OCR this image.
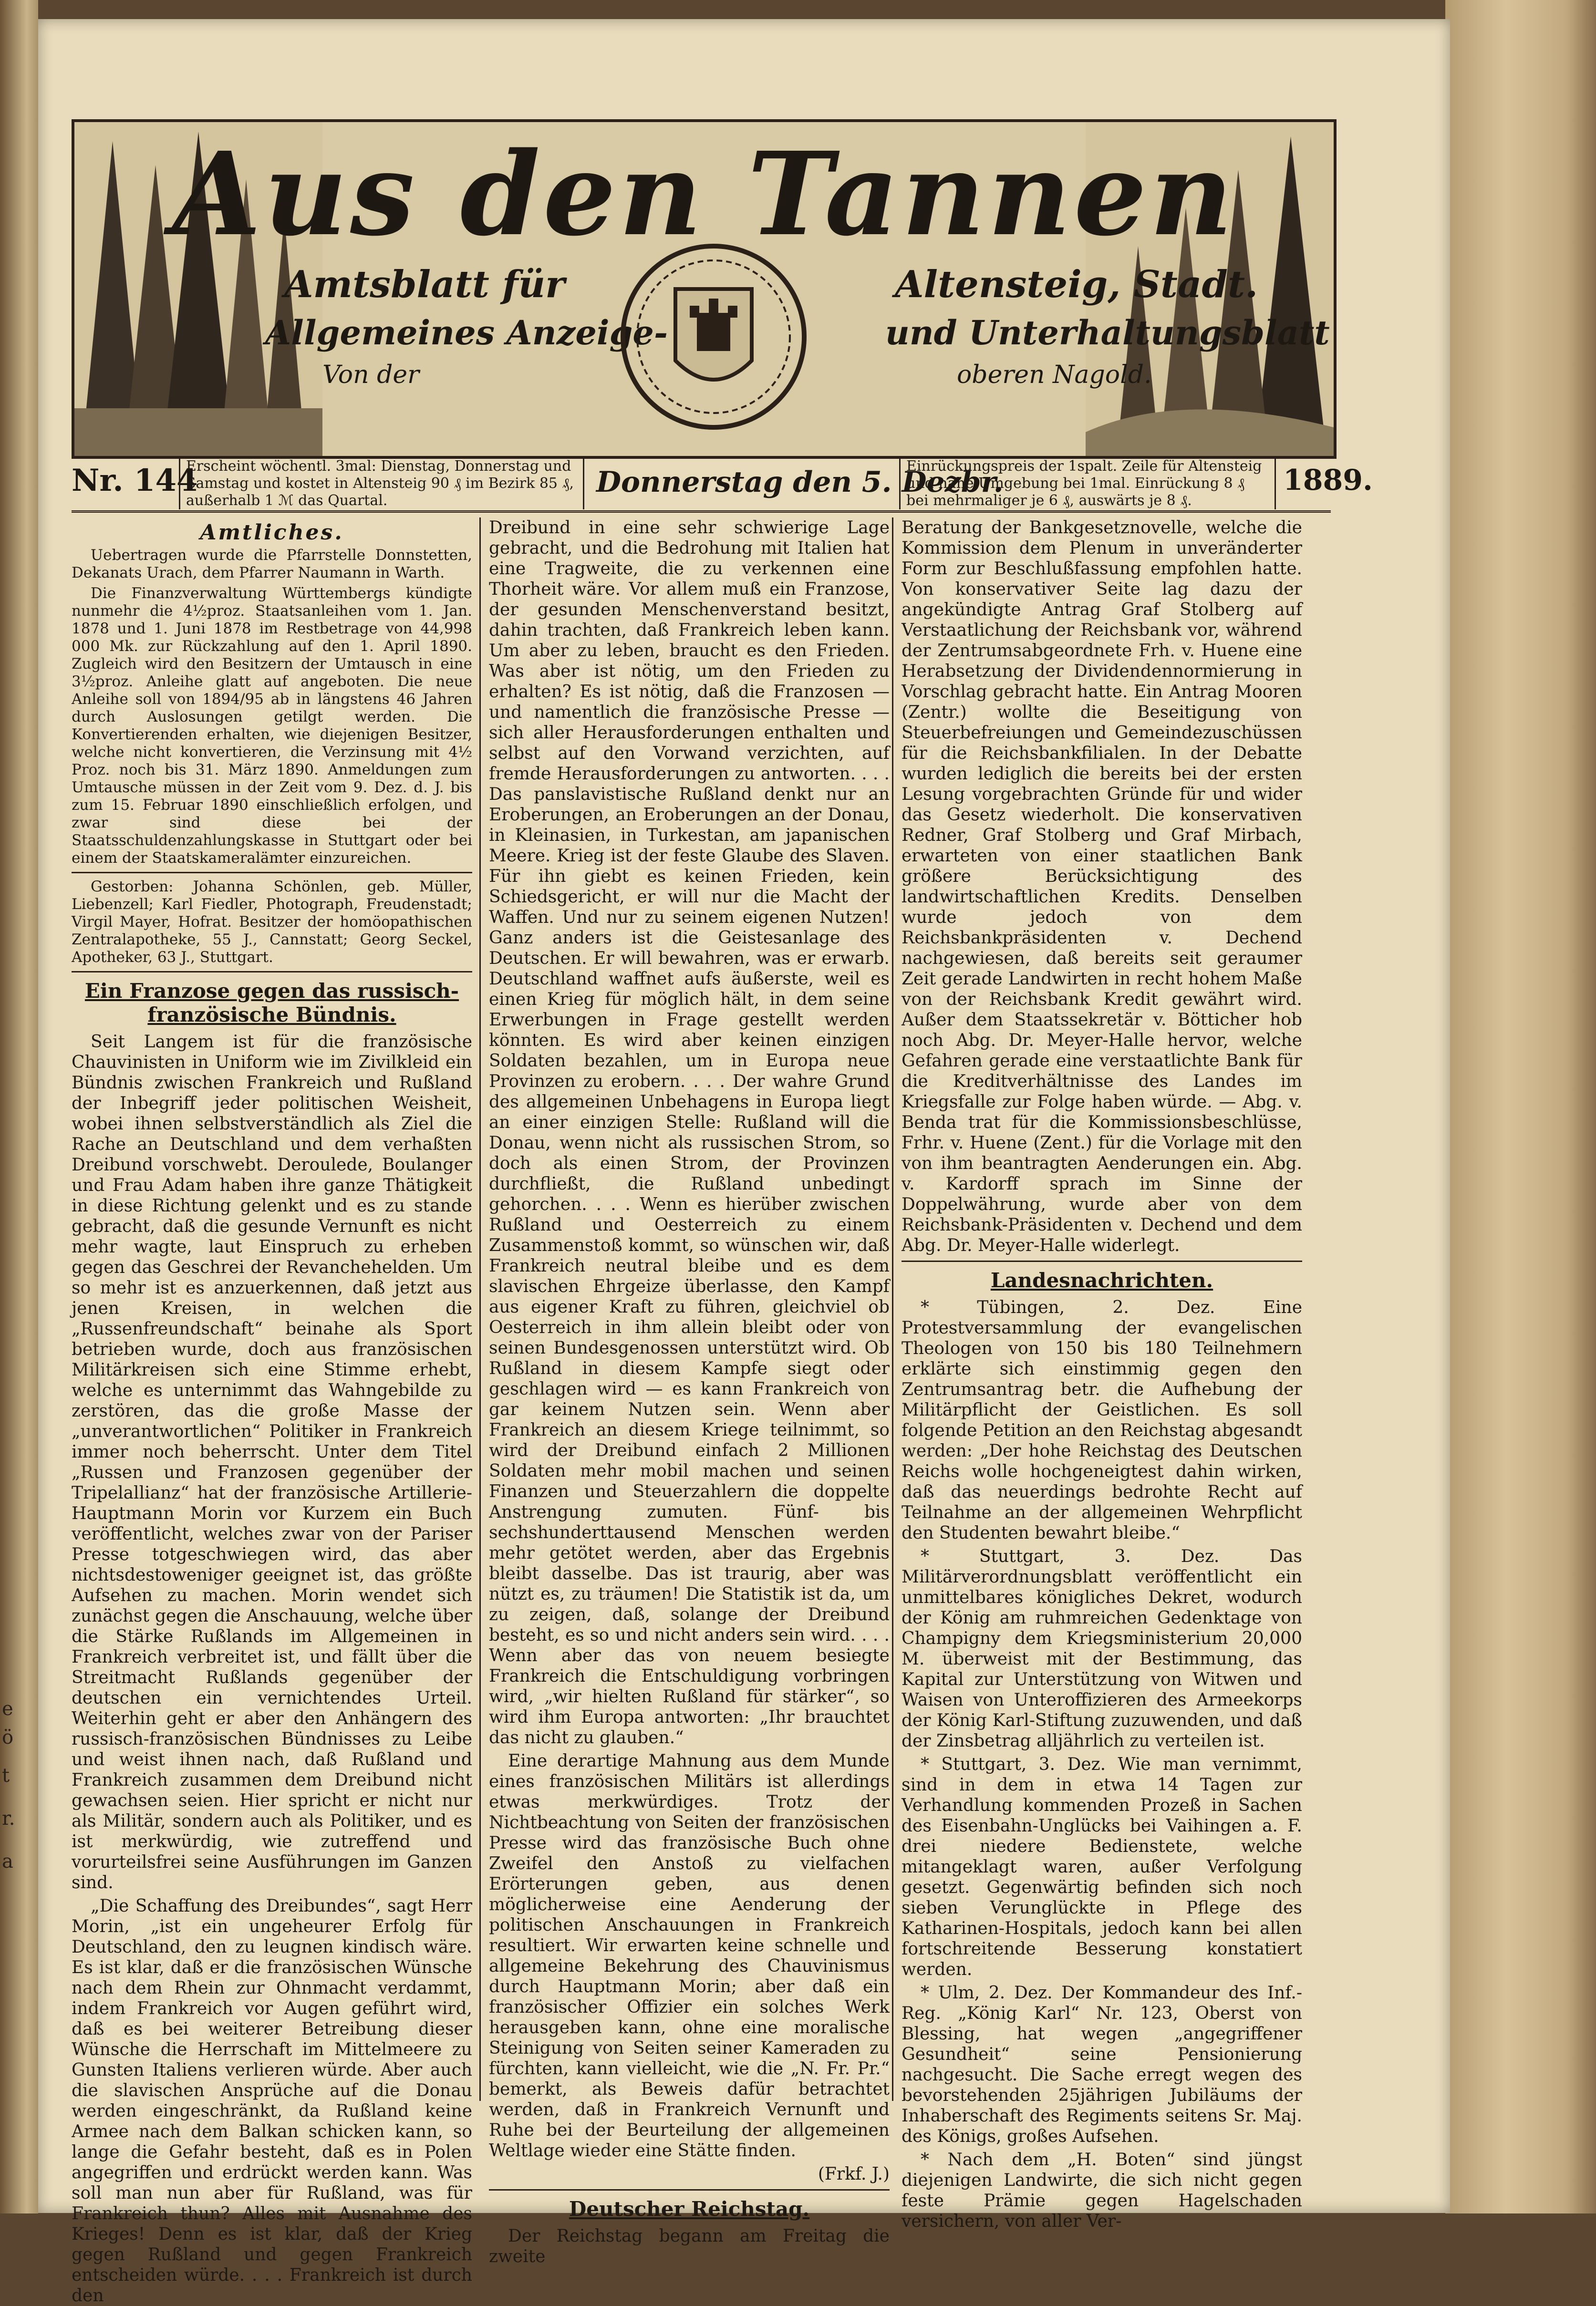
Aus den Tannen
Amtsblatt für	Altensteig, Stadt.
Allgemeines Anzeige-	und Unterhaltungsblatt
Von der	oberen Nagold.
Nr. 144
Erscheint wöchentl. 3mal: Dienstag, Donnerstag und Samstag und kostet in Altensteig 90 ₰ im Bezirk 85 ₰, außerhalb 1 ℳ das Quartal.
Donnerstag den 5. Dezbr.
Einrückungspreis der 1spalt. Zeile für Altensteig und nahe Umgebung bei 1mal. Einrückung 8 ₰ bei mehrmaliger je 6 ₰, auswärts je 8 ₰.
1889.
Amtliches.

Uebertragen wurde die Pfarrstelle Donnstetten, Dekanats Urach, dem Pfarrer Naumann in Warth.

Die Finanzverwaltung Württembergs kündigte nunmehr die 4½proz. Staatsanleihen vom 1. Jan. 1878 und 1. Juni 1878 im Restbetrage von 44,998 000 Mk. zur Rückzahlung auf den 1. April 1890. Zugleich wird den Besitzern der Umtausch in eine 3½proz. Anleihe glatt auf angeboten. Die neue Anleihe soll von 1894/95 ab in längstens 46 Jahren durch Auslosungen getilgt werden. Die Konvertierenden erhalten, wie diejenigen Besitzer, welche nicht konvertieren, die Verzinsung mit 4½ Proz. noch bis 31. März 1890. Anmeldungen zum Umtausche müssen in der Zeit vom 9. Dez. d. J. bis zum 15. Februar 1890 einschließlich erfolgen, und zwar sind diese bei der Staatsschuldenzahlungskasse in Stuttgart oder bei einem der Staatskameralämter einzureichen.

Gestorben: Johanna Schönlen, geb. Müller, Liebenzell; Karl Fiedler, Photograph, Freudenstadt; Virgil Mayer, Hofrat. Besitzer der homöopathischen Zentralapotheke, 55 J., Cannstatt; Georg Seckel, Apotheker, 63 J., Stuttgart.

Ein Franzose gegen das russisch-französische Bündnis.

Seit Langem ist für die französische Chauvinisten in Uniform wie im Zivilkleid ein Bündnis zwischen Frankreich und Rußland der Inbegriff jeder politischen Weisheit, wobei ihnen selbstverständlich als Ziel die Rache an Deutschland und dem verhaßten Dreibund vorschwebt. Deroulede, Boulanger und Frau Adam haben ihre ganze Thätigkeit in diese Richtung gelenkt und es zu stande gebracht, daß die gesunde Vernunft es nicht mehr wagte, laut Einspruch zu erheben gegen das Geschrei der Revanchehelden. Um so mehr ist es anzuerkennen, daß jetzt aus jenen Kreisen, in welchen die „Russenfreundschaft“ beinahe als Sport betrieben wurde, doch aus französischen Militärkreisen sich eine Stimme erhebt, welche es unternimmt das Wahngebilde zu zerstören, das die große Masse der „unverantwortlichen“ Politiker in Frankreich immer noch beherrscht. Unter dem Titel „Russen und Franzosen gegenüber der Tripelallianz“ hat der französische Artillerie-Hauptmann Morin vor Kurzem ein Buch veröffentlicht, welches zwar von der Pariser Presse totgeschwiegen wird, das aber nichtsdestoweniger geeignet ist, das größte Aufsehen zu machen. Morin wendet sich zunächst gegen die Anschauung, welche über die Stärke Rußlands im Allgemeinen in Frankreich verbreitet ist, und fällt über die Streitmacht Rußlands gegenüber der deutschen ein vernichtendes Urteil. Weiterhin geht er aber den Anhängern des russisch-französischen Bündnisses zu Leibe und weist ihnen nach, daß Rußland und Frankreich zusammen dem Dreibund nicht gewachsen seien. Hier spricht er nicht nur als Militär, sondern auch als Politiker, und es ist merkwürdig, wie zutreffend und vorurteilsfrei seine Ausführungen im Ganzen sind.

„Die Schaffung des Dreibundes“, sagt Herr Morin, „ist ein ungeheurer Erfolg für Deutschland, den zu leugnen kindisch wäre. Es ist klar, daß er die französischen Wünsche nach dem Rhein zur Ohnmacht verdammt, indem Frankreich vor Augen geführt wird, daß es bei weiterer Betreibung dieser Wünsche die Herrschaft im Mittelmeere zu Gunsten Italiens verlieren würde. Aber auch die slavischen Ansprüche auf die Donau werden eingeschränkt, da Rußland keine Armee nach dem Balkan schicken kann, so lange die Gefahr besteht, daß es in Polen angegriffen und erdrückt werden kann. Was soll man nun aber für Rußland, was für Frankreich thun? Alles mit Ausnahme des Krieges! Denn es ist klar, daß der Krieg gegen Rußland und gegen Frankreich entscheiden würde. . . . Frankreich ist durch den

Dreibund in eine sehr schwierige Lage gebracht, und die Bedrohung mit Italien hat eine Tragweite, die zu verkennen eine Thorheit wäre. Vor allem muß ein Franzose, der gesunden Menschenverstand besitzt, dahin trachten, daß Frankreich leben kann. Um aber zu leben, braucht es den Frieden. Was aber ist nötig, um den Frieden zu erhalten? Es ist nötig, daß die Franzosen — und namentlich die französische Presse — sich aller Herausforderungen enthalten und selbst auf den Vorwand verzichten, auf fremde Herausforderungen zu antworten. . . . Das panslavistische Rußland denkt nur an Eroberungen, an Eroberungen an der Donau, in Kleinasien, in Turkestan, am japanischen Meere. Krieg ist der feste Glaube des Slaven. Für ihn giebt es keinen Frieden, kein Schiedsgericht, er will nur die Macht der Waffen. Und nur zu seinem eigenen Nutzen! Ganz anders ist die Geistesanlage des Deutschen. Er will bewahren, was er erwarb. Deutschland waffnet aufs äußerste, weil es einen Krieg für möglich hält, in dem seine Erwerbungen in Frage gestellt werden könnten. Es wird aber keinen einzigen Soldaten bezahlen, um in Europa neue Provinzen zu erobern. . . . Der wahre Grund des allgemeinen Unbehagens in Europa liegt an einer einzigen Stelle: Rußland will die Donau, wenn nicht als russischen Strom, so doch als einen Strom, der Provinzen durchfließt, die Rußland unbedingt gehorchen. . . . Wenn es hierüber zwischen Rußland und Oesterreich zu einem Zusammenstoß kommt, so wünschen wir, daß Frankreich neutral bleibe und es dem slavischen Ehrgeize überlasse, den Kampf aus eigener Kraft zu führen, gleichviel ob Oesterreich in ihm allein bleibt oder von seinen Bundesgenossen unterstützt wird. Ob Rußland in diesem Kampfe siegt oder geschlagen wird — es kann Frankreich von gar keinem Nutzen sein. Wenn aber Frankreich an diesem Kriege teilnimmt, so wird der Dreibund einfach 2 Millionen Soldaten mehr mobil machen und seinen Finanzen und Steuerzahlern die doppelte Anstrengung zumuten. Fünf- bis sechshunderttausend Menschen werden mehr getötet werden, aber das Ergebnis bleibt dasselbe. Das ist traurig, aber was nützt es, zu träumen! Die Statistik ist da, um zu zeigen, daß, solange der Dreibund besteht, es so und nicht anders sein wird. . . . Wenn aber das von neuem besiegte Frankreich die Entschuldigung vorbringen wird, „wir hielten Rußland für stärker“, so wird ihm Europa antworten: „Ihr brauchtet das nicht zu glauben.“

Eine derartige Mahnung aus dem Munde eines französischen Militärs ist allerdings etwas merkwürdiges. Trotz der Nichtbeachtung von Seiten der französischen Presse wird das französische Buch ohne Zweifel den Anstoß zu vielfachen Erörterungen geben, aus denen möglicherweise eine Aenderung der politischen Anschauungen in Frankreich resultiert. Wir erwarten keine schnelle und allgemeine Bekehrung des Chauvinismus durch Hauptmann Morin; aber daß ein französischer Offizier ein solches Werk herausgeben kann, ohne eine moralische Steinigung von Seiten seiner Kameraden zu fürchten, kann vielleicht, wie die „N. Fr. Pr.“ bemerkt, als Beweis dafür betrachtet werden, daß in Frankreich Vernunft und Ruhe bei der Beurteilung der allgemeinen Weltlage wieder eine Stätte finden.

(Frkf. J.)
Deutscher Reichstag.

Der Reichstag begann am Freitag die zweite

Beratung der Bankgesetznovelle, welche die Kommission dem Plenum in unveränderter Form zur Beschlußfassung empfohlen hatte. Von konservativer Seite lag dazu der angekündigte Antrag Graf Stolberg auf Verstaatlichung der Reichsbank vor, während der Zentrumsabgeordnete Frh. v. Huene eine Herabsetzung der Dividendennormierung in Vorschlag gebracht hatte. Ein Antrag Mooren (Zentr.) wollte die Beseitigung von Steuerbefreiungen und Gemeindezuschüssen für die Reichsbankfilialen. In der Debatte wurden lediglich die bereits bei der ersten Lesung vorgebrachten Gründe für und wider das Gesetz wiederholt. Die konservativen Redner, Graf Stolberg und Graf Mirbach, erwarteten von einer staatlichen Bank größere Berücksichtigung des landwirtschaftlichen Kredits. Denselben wurde jedoch von dem Reichsbankpräsidenten v. Dechend nachgewiesen, daß bereits seit geraumer Zeit gerade Landwirten in recht hohem Maße von der Reichsbank Kredit gewährt wird. Außer dem Staatssekretär v. Bötticher hob noch Abg. Dr. Meyer-Halle hervor, welche Gefahren gerade eine verstaatlichte Bank für die Kreditverhältnisse des Landes im Kriegsfalle zur Folge haben würde. — Abg. v. Benda trat für die Kommissionsbeschlüsse, Frhr. v. Huene (Zent.) für die Vorlage mit den von ihm beantragten Aenderungen ein. Abg. v. Kardorff sprach im Sinne der Doppelwährung, wurde aber von dem Reichsbank-Präsidenten v. Dechend und dem Abg. Dr. Meyer-Halle widerlegt.

Landesnachrichten.

* Tübingen, 2. Dez. Eine Protestversammlung der evangelischen Theologen von 150 bis 180 Teilnehmern erklärte sich einstimmig gegen den Zentrumsantrag betr. die Aufhebung der Militärpflicht der Geistlichen. Es soll folgende Petition an den Reichstag abgesandt werden: „Der hohe Reichstag des Deutschen Reichs wolle hochgeneigtest dahin wirken, daß das neuerdings bedrohte Recht auf Teilnahme an der allgemeinen Wehrpflicht den Studenten bewahrt bleibe.“

* Stuttgart, 3. Dez. Das Militärverordnungsblatt veröffentlicht ein unmittelbares königliches Dekret, wodurch der König am ruhmreichen Gedenktage von Champigny dem Kriegsministerium 20,000 M. überweist mit der Bestimmung, das Kapital zur Unterstützung von Witwen und Waisen von Unteroffizieren des Armeekorps der König Karl-Stiftung zuzuwenden, und daß der Zinsbetrag alljährlich zu verteilen ist.

* Stuttgart, 3. Dez. Wie man vernimmt, sind in dem in etwa 14 Tagen zur Verhandlung kommenden Prozeß in Sachen des Eisenbahn-Unglücks bei Vaihingen a. F. drei niedere Bedienstete, welche mitangeklagt waren, außer Verfolgung gesetzt. Gegenwärtig befinden sich noch sieben Verunglückte in Pflege des Katharinen-Hospitals, jedoch kann bei allen fortschreitende Besserung konstatiert werden.

* Ulm, 2. Dez. Der Kommandeur des Inf.-Reg. „König Karl“ Nr. 123, Oberst von Blessing, hat wegen „angegriffener Gesundheit“ seine Pensionierung nachgesucht. Die Sache erregt wegen des bevorstehenden 25jährigen Jubiläums der Inhaberschaft des Regiments seitens Sr. Maj. des Königs, großes Aufsehen.

* Nach dem „H. Boten“ sind jüngst diejenigen Landwirte, die sich nicht gegen feste Prämie gegen Hagelschaden versichern, von aller Ver-

e
ö
t
r.
a
